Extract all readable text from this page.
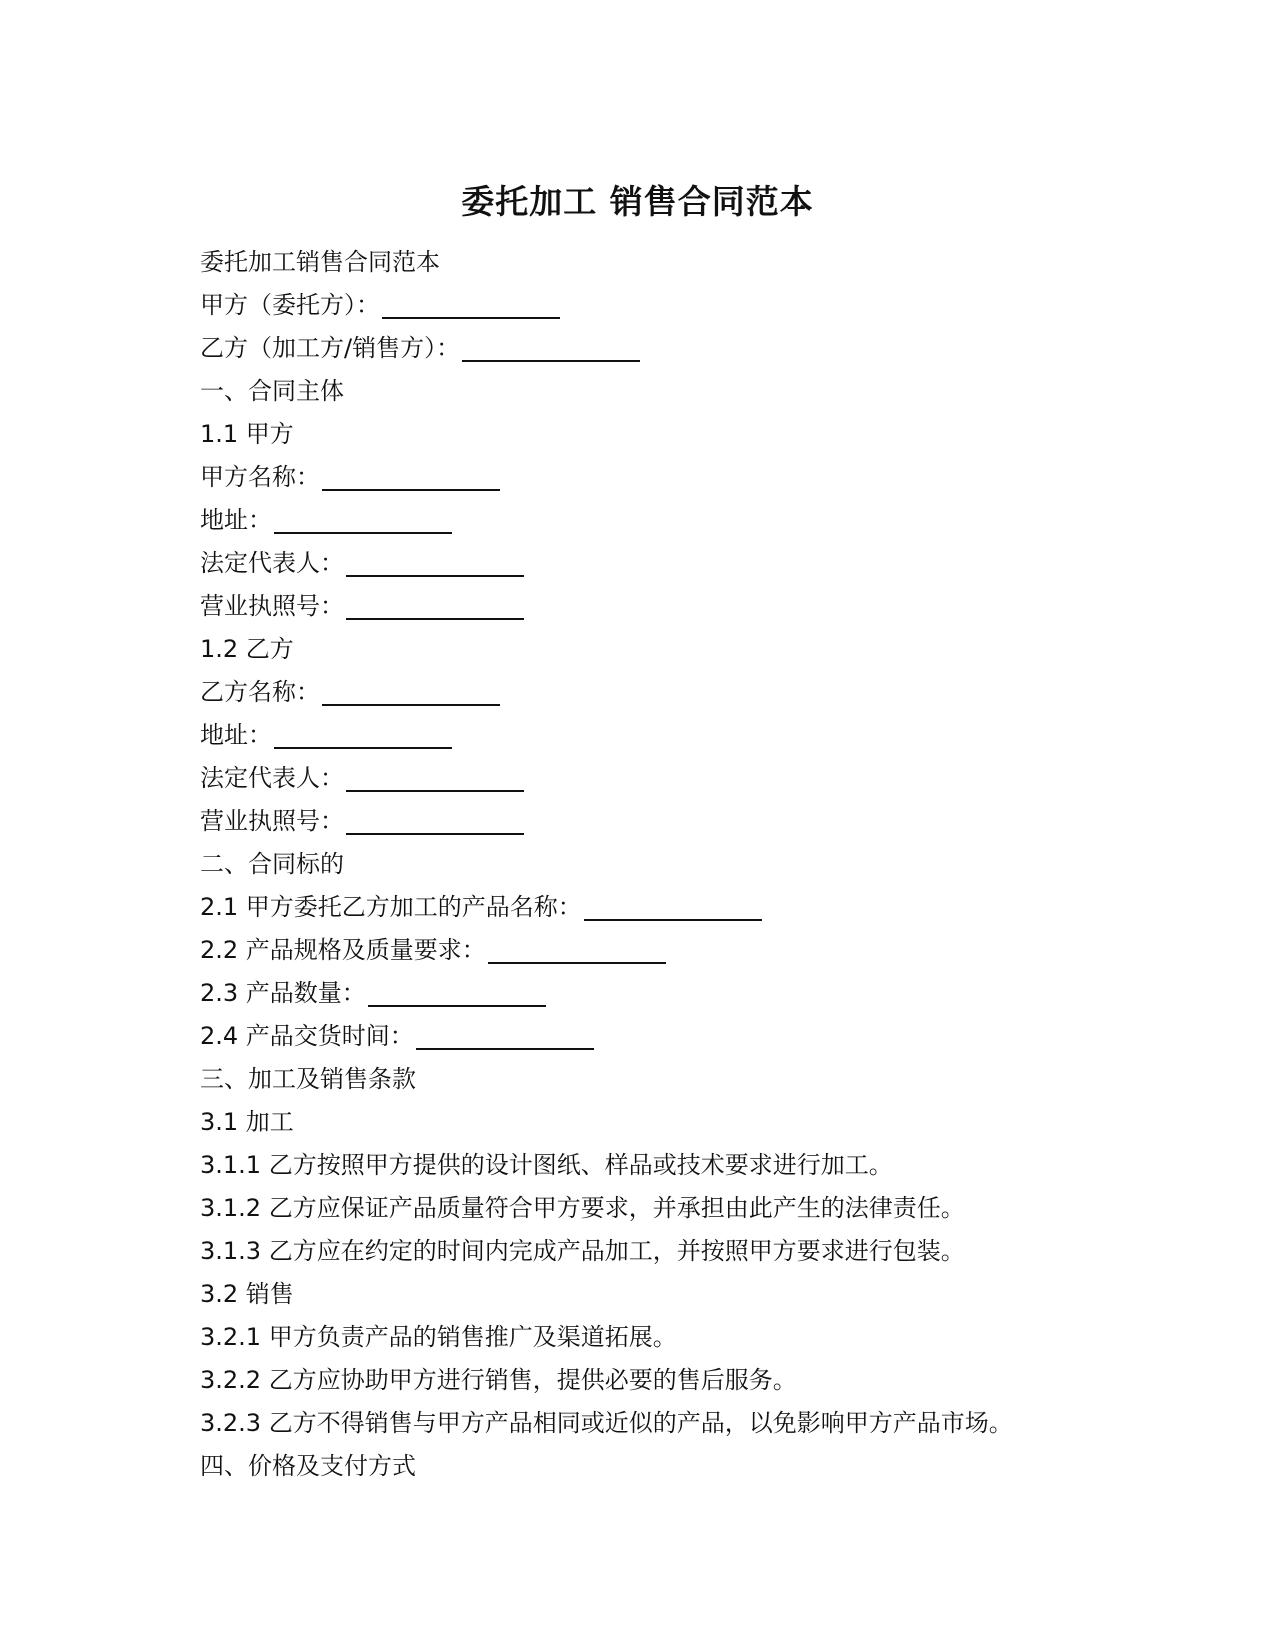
委托加工 销售合同范本
委托加工销售合同范本
甲方（委托方）：
乙方（加工方/销售方）：
一、合同主体
1.1 甲方
甲方名称：
地址：
法定代表人：
营业执照号：
1.2 乙方
乙方名称：
地址：
法定代表人：
营业执照号：
二、合同标的
2.1 甲方委托乙方加工的产品名称：
2.2 产品规格及质量要求：
2.3 产品数量：
2.4 产品交货时间：
三、加工及销售条款
3.1 加工
3.1.1 乙方按照甲方提供的设计图纸、样品或技术要求进行加工。
3.1.2 乙方应保证产品质量符合甲方要求，并承担由此产生的法律责任。
3.1.3 乙方应在约定的时间内完成产品加工，并按照甲方要求进行包装。
3.2 销售
3.2.1 甲方负责产品的销售推广及渠道拓展。
3.2.2 乙方应协助甲方进行销售，提供必要的售后服务。
3.2.3 乙方不得销售与甲方产品相同或近似的产品，以免影响甲方产品市场。
四、价格及支付方式
